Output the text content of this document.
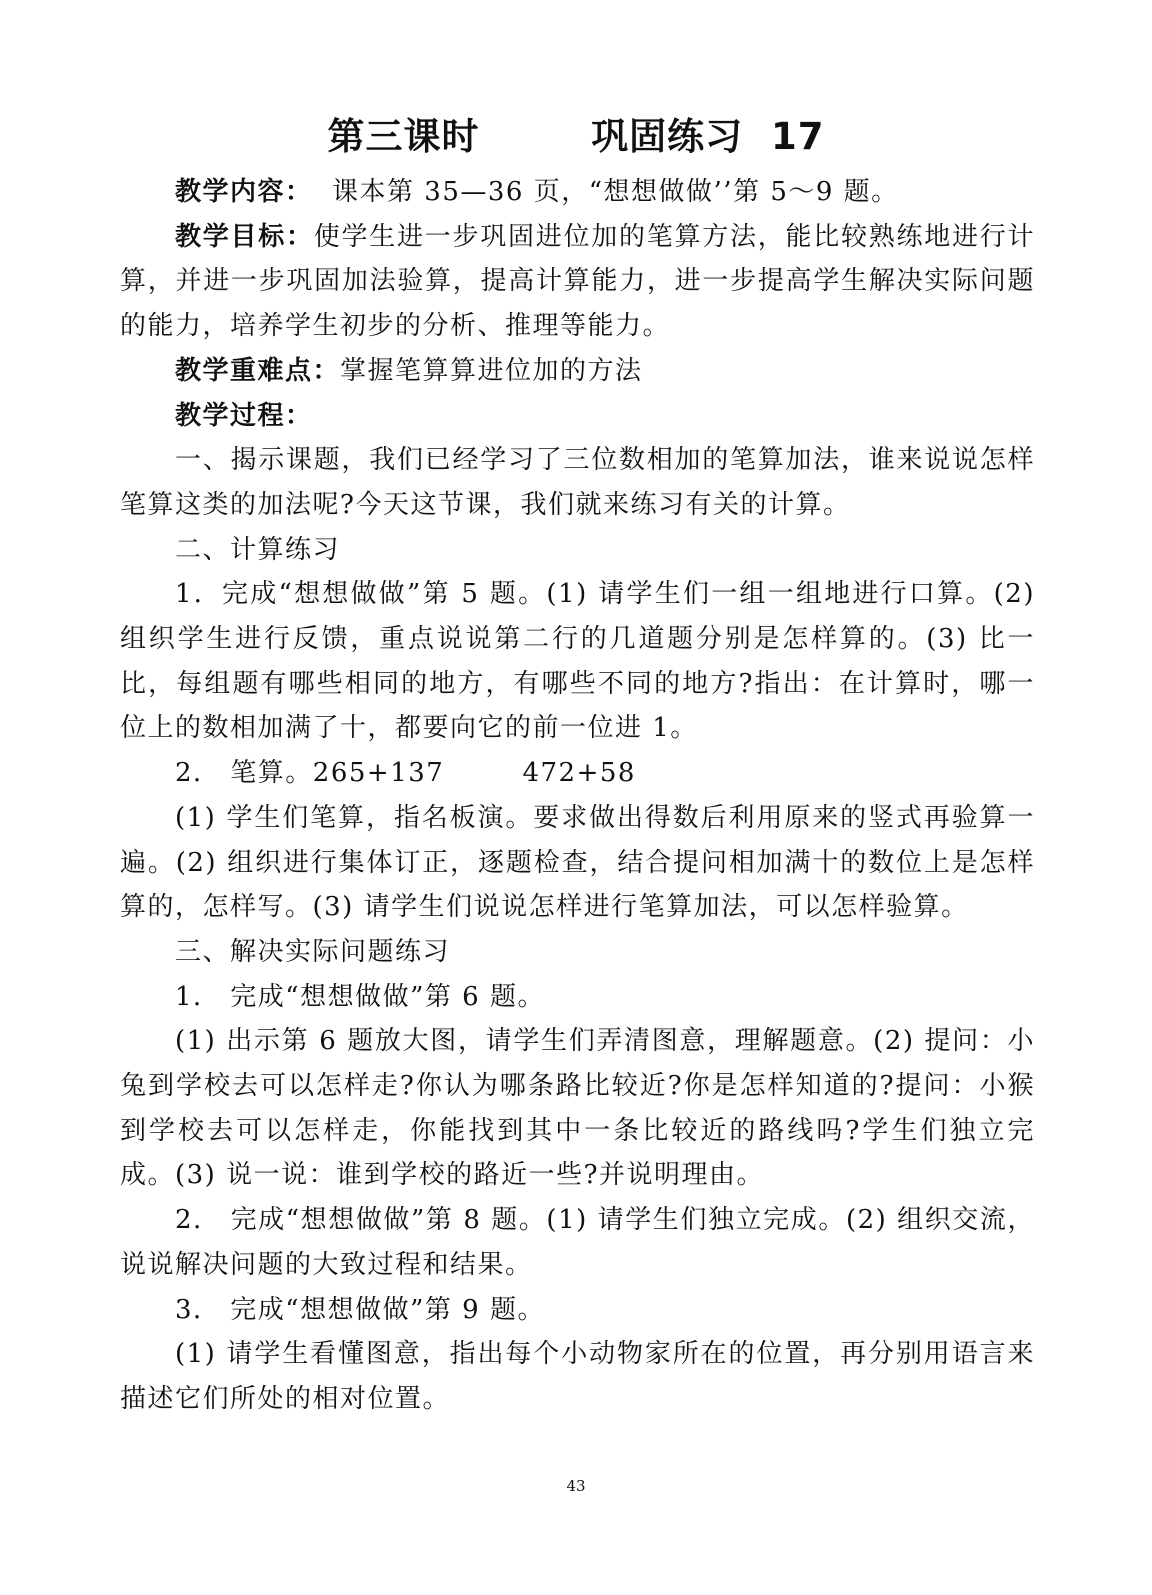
第三课时    巩固练习 17

教学内容：  课本第 35—36 页，“想想做做’’第 5～9 题。

教学目标：使学生进一步巩固进位加的笔算方法，能比较熟练地进行计算，并进一步巩固加法验算，提高计算能力，进一步提高学生解决实际问题的能力，培养学生初步的分析、推理等能力。

教学重难点：掌握笔算算进位加的方法

教学过程：

一、揭示课题，我们已经学习了三位数相加的笔算加法，谁来说说怎样笔算这类的加法呢?今天这节课，我们就来练习有关的计算。

二、计算练习

1．完成“想想做做”第 5 题。(1) 请学生们一组一组地进行口算。(2) 组织学生进行反馈，重点说说第二行的几道题分别是怎样算的。(3) 比一比，每组题有哪些相同的地方，有哪些不同的地方?指出：在计算时，哪一位上的数相加满了十，都要向它的前一位进 1。

2． 笔算。265+137        472+58

(1) 学生们笔算，指名板演。要求做出得数后利用原来的竖式再验算一遍。(2) 组织进行集体订正，逐题检查，结合提问相加满十的数位上是怎样算的，怎样写。(3) 请学生们说说怎样进行笔算加法，可以怎样验算。

三、解决实际问题练习

1． 完成“想想做做”第 6 题。

(1) 出示第 6 题放大图，请学生们弄清图意，理解题意。(2) 提问：小兔到学校去可以怎样走?你认为哪条路比较近?你是怎样知道的?提问：小猴到学校去可以怎样走，你能找到其中一条比较近的路线吗?学生们独立完成。(3) 说一说：谁到学校的路近一些?并说明理由。

2． 完成“想想做做”第 8 题。(1) 请学生们独立完成。(2) 组织交流，说说解决问题的大致过程和结果。

3． 完成“想想做做”第 9 题。

(1) 请学生看懂图意，指出每个小动物家所在的位置，再分别用语言来描述它们所处的相对位置。

43
